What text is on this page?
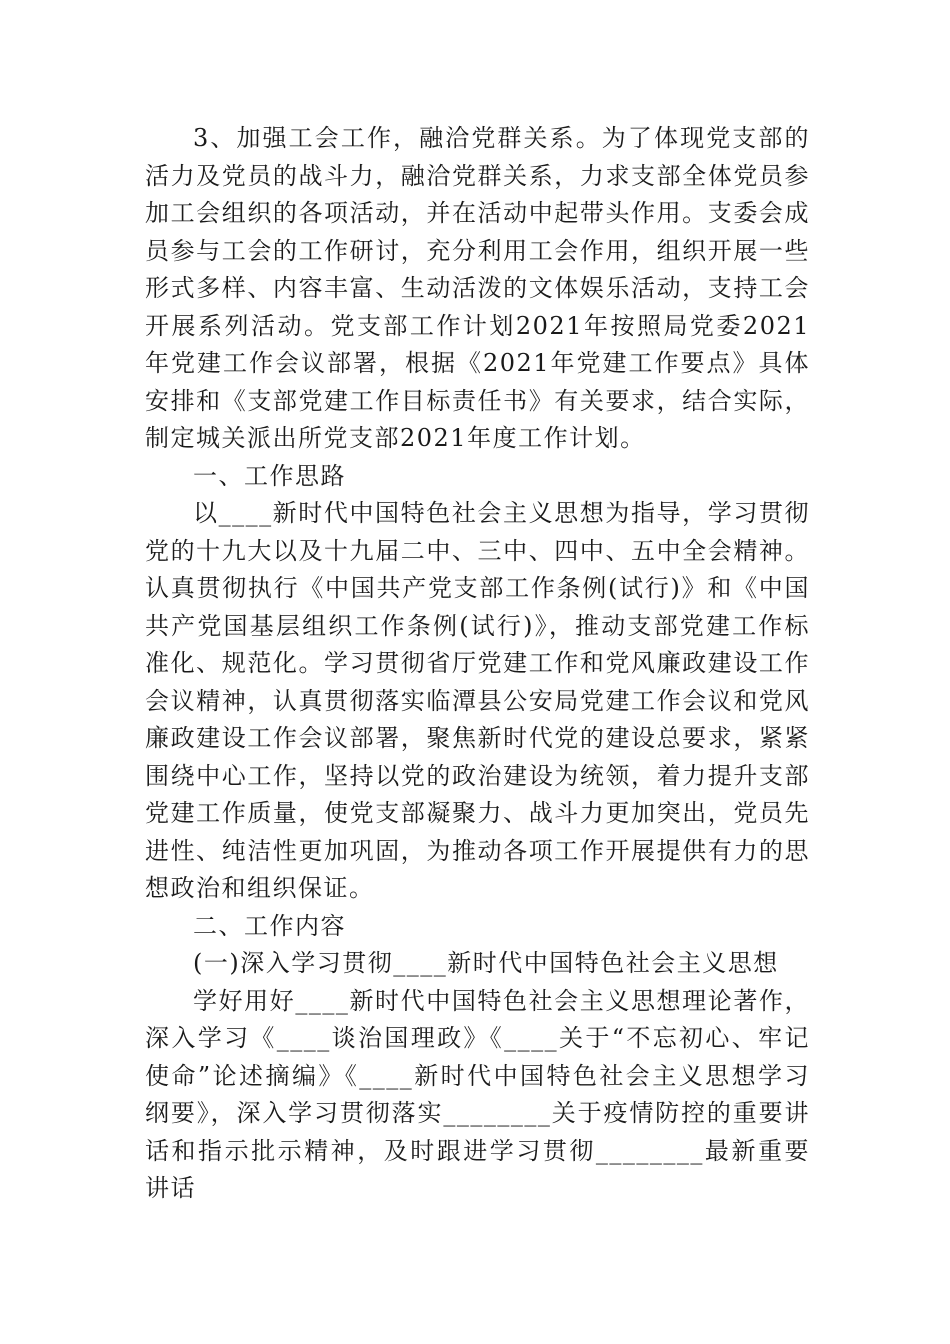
3、加强工会工作，融洽党群关系。为了体现党支部的活力及党员的战斗力，融洽党群关系，力求支部全体党员参加工会组织的各项活动，并在活动中起带头作用。支委会成员参与工会的工作研讨，充分利用工会作用，组织开展一些形式多样、内容丰富、生动活泼的文体娱乐活动，支持工会开展系列活动。党支部工作计划2021年按照局党委2021年党建工作会议部署，根据《2021年党建工作要点》具体安排和《支部党建工作目标责任书》有关要求，结合实际，制定城关派出所党支部2021年度工作计划。

一、工作思路

以____新时代中国特色社会主义思想为指导，学习贯彻党的十九大以及十九届二中、三中、四中、五中全会精神。认真贯彻执行《中国共产党支部工作条例(试行)》和《中国共产党国基层组织工作条例(试行)》，推动支部党建工作标准化、规范化。学习贯彻省厅党建工作和党风廉政建设工作会议精神，认真贯彻落实临潭县公安局党建工作会议和党风廉政建设工作会议部署，聚焦新时代党的建设总要求，紧紧围绕中心工作，坚持以党的政治建设为统领，着力提升支部党建工作质量，使党支部凝聚力、战斗力更加突出，党员先进性、纯洁性更加巩固，为推动各项工作开展提供有力的思想政治和组织保证。

二、工作内容

(一)深入学习贯彻____新时代中国特色社会主义思想

学好用好____新时代中国特色社会主义思想理论著作，深入学习《____谈治国理政》《____关于“不忘初心、牢记使命”论述摘编》《____新时代中国特色社会主义思想学习纲要》，深入学习贯彻落实________关于疫情防控的重要讲话和指示批示精神，及时跟进学习贯彻________最新重要讲话
